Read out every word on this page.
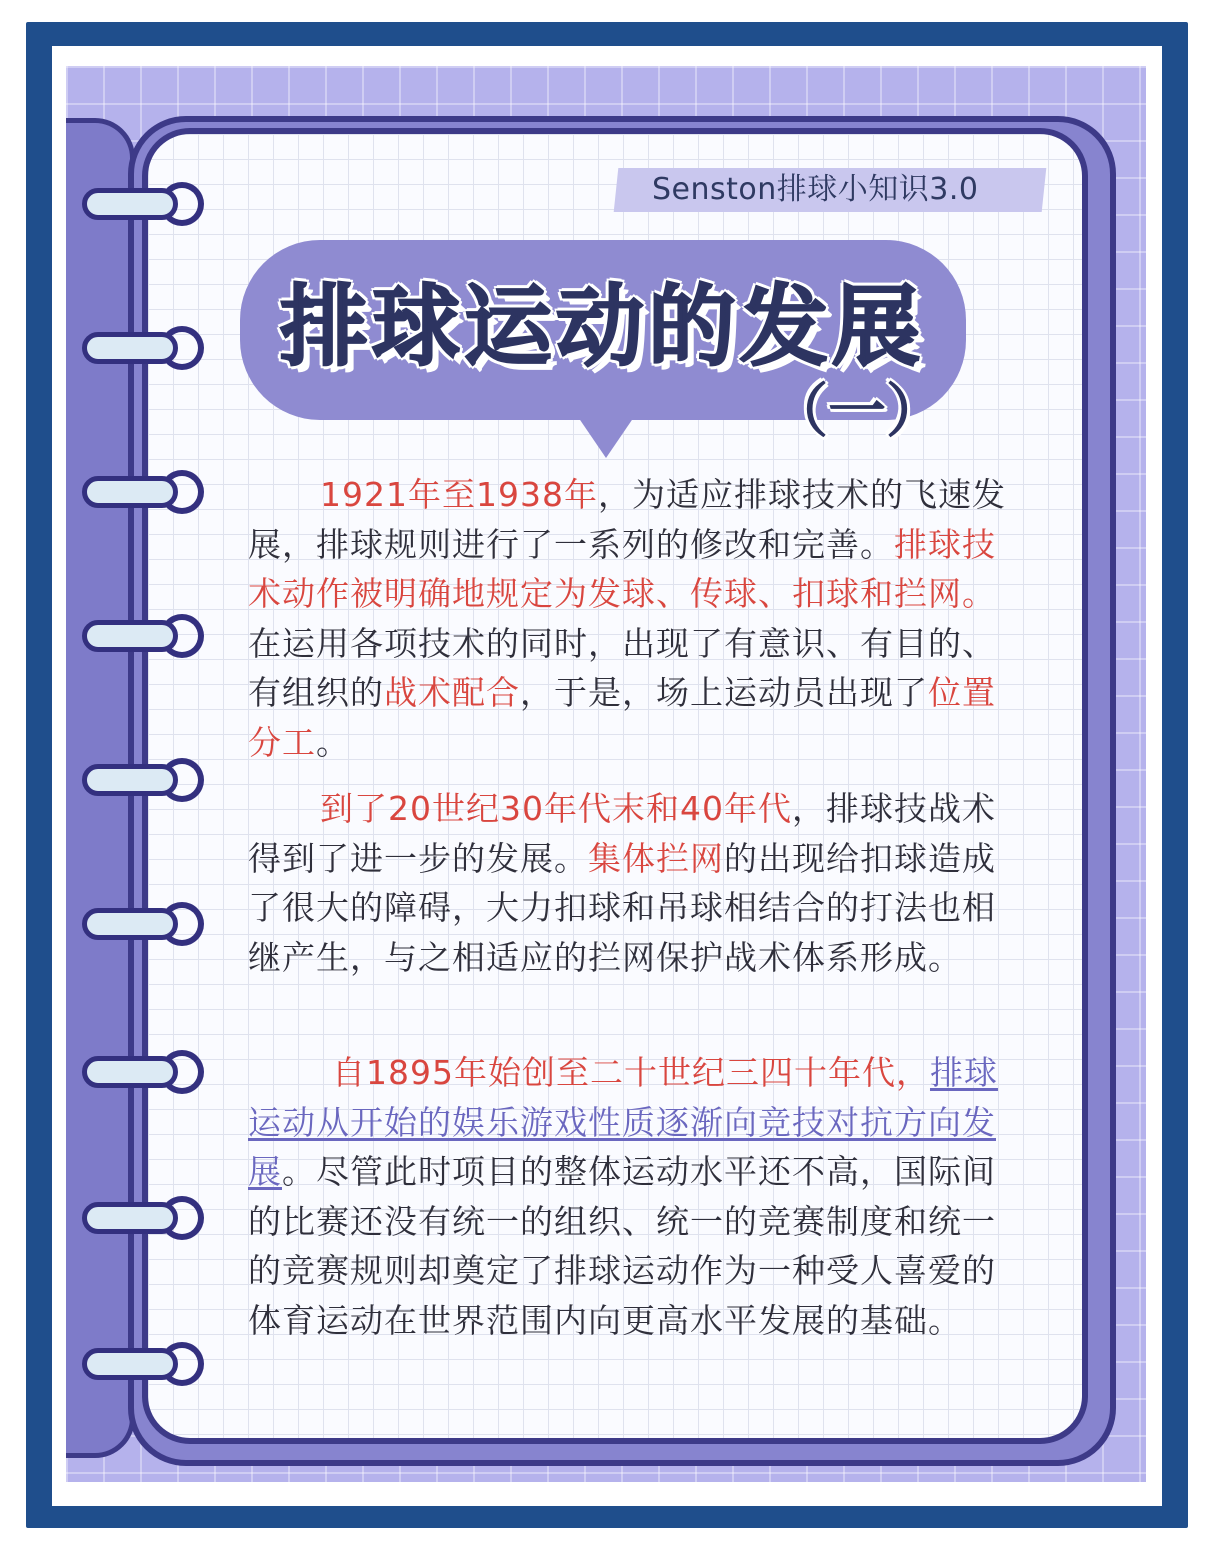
Senston排球小知识3.0
排球运动的发展
（一）

1921年至1938年，为适应排球技术的飞速发展，排球规则进行了一系列的修改和完善。排球技术动作被明确地规定为发球、传球、扣球和拦网。在运用各项技术的同时，出现了有意识、有目的、有组织的战术配合，于是，场上运动员出现了位置分工。

到了20世纪30年代末和40年代，排球技战术得到了进一步的发展。集体拦网的出现给扣球造成了很大的障碍，大力扣球和吊球相结合的打法也相继产生，与之相适应的拦网保护战术体系形成。

自1895年始创至二十世纪三四十年代，排球运动从开始的娱乐游戏性质逐渐向竞技对抗方向发展。尽管此时项目的整体运动水平还不高，国际间的比赛还没有统一的组织、统一的竞赛制度和统一的竞赛规则却奠定了排球运动作为一种受人喜爱的体育运动在世界范围内向更高水平发展的基础。
